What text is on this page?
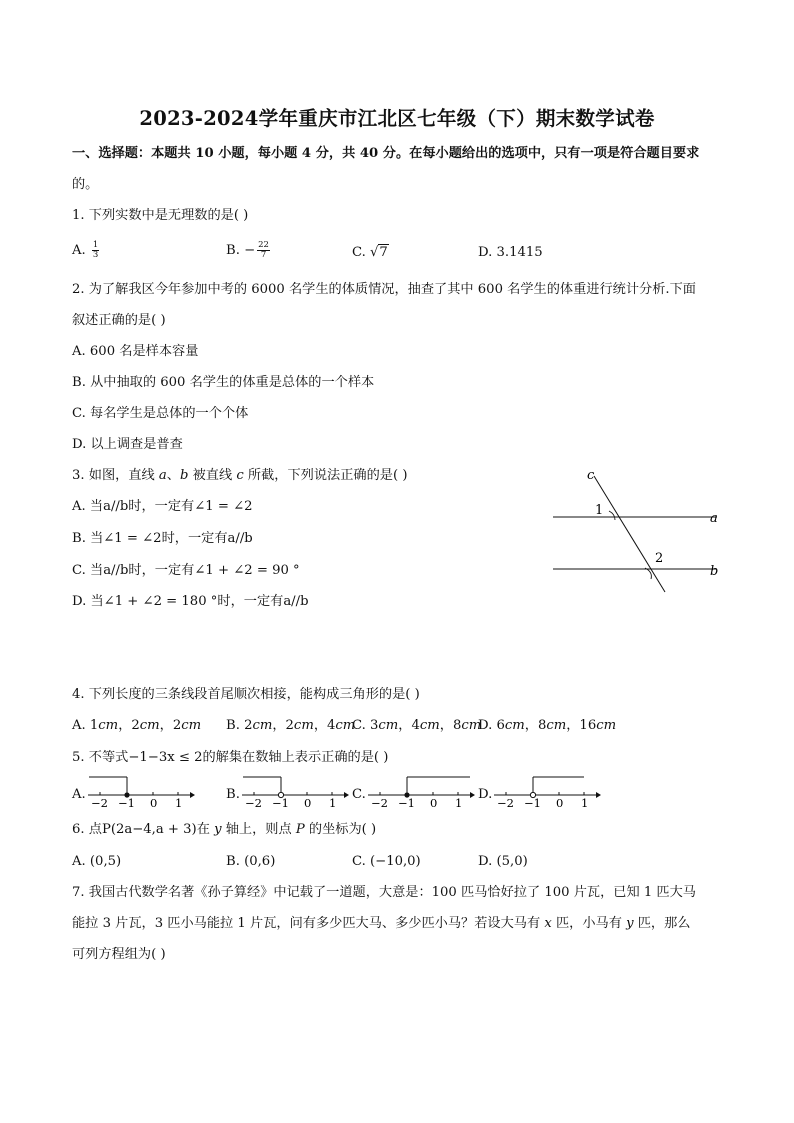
2023-2024学年重庆市江北区七年级（下）期末数学试卷
一、选择题：本题共 10 小题，每小题 4 分，共 40 分。在每小题给出的选项中，只有一项是符合题目要求
的。
1. 下列实数中是无理数的是( )
A. $\frac{1}{3}$	B. − $\frac{22}{7}$	C. √7	D. 3.1415
2. 为了解我区今年参加中考的 6000 名学生的体质情况，抽查了其中 600 名学生的体重进行统计分析.下面
叙述正确的是( )
A. 600 名是样本容量
B. 从中抽取的 600 名学生的体重是总体的一个样本
C. 每名学生是总体的一个个体
D. 以上调查是普查
3. 如图，直线 𝑎、𝑏 被直线 𝑐 所截，下列说法正确的是( )
A. 当a//b时，一定有∠1 = ∠2
B. 当∠1 = ∠2时，一定有a//b
C. 当a//b时，一定有∠1 + ∠2 = 90 °
D. 当∠1 + ∠2 = 180 °时，一定有a//b
c
a
b
1
2
4. 下列长度的三条线段首尾顺次相接，能构成三角形的是( )
A. 1𝑐𝑚，2𝑐𝑚，2𝑐𝑚 B. 2𝑐𝑚，2𝑐𝑚，4𝑐𝑚
C. 3𝑐𝑚，4𝑐𝑚，8𝑐𝑚
D. 6𝑐𝑚，8𝑐𝑚，16𝑐𝑚
5. 不等式−1−3x ≤ 2的解集在数轴上表示正确的是( )
A.
−2 −1 0 1
B.
−2 −1 0 1
C.
−2 −1 0 1
D.
−2 −1 0 1
6. 点P(2a−4,a + 3)在 𝑦 轴上，则点 𝑃 的坐标为( )
A. (0,5)	B. (0,6)	C. (−10,0)	D. (5,0)
7. 我国古代数学名著《孙子算经》中记载了一道题，大意是：100 匹马恰好拉了 100 片瓦，已知 1 匹大马
能拉 3 片瓦，3 匹小马能拉 1 片瓦，问有多少匹大马、多少匹小马？若设大马有 𝑥 匹，小马有 𝑦 匹，那么
可列方程组为( )
